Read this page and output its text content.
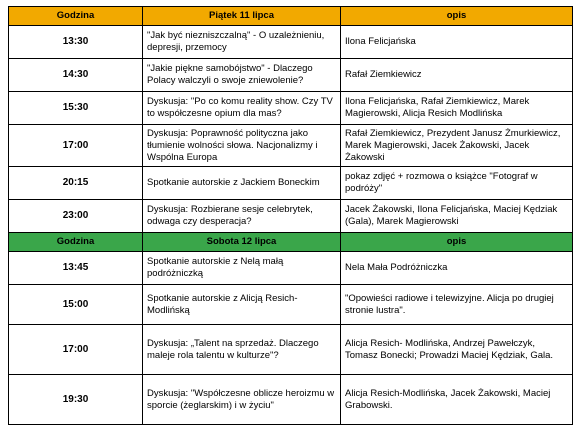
Godzina	Piątek 11 lipca	opis
13:30	"Jak być niezniszczalną" - O uzależnieniu, depresji, przemocy	Ilona Felicjańska
14:30	"Jakie piękne samobójstwo" - Dlaczego Polacy walczyli o swoje zniewolenie?	Rafał Ziemkiewicz
15:30	Dyskusja: "Po co komu reality show. Czy TV to współczesne opium dla mas?	Ilona Felicjańska, Rafał Ziemkiewicz, Marek Magierowski, Alicja Resich Modlińska
17:00	Dyskusja: Poprawność polityczna jako tłumienie wolności słowa. Nacjonalizmy i Wspólna Europa	Rafał Ziemkiewicz, Prezydent Janusz Żmurkiewicz, Marek Magierowski, Jacek Żakowski, Jacek Żakowski
20:15	Spotkanie autorskie z Jackiem Boneckim	pokaz zdjęć + rozmowa o książce "Fotograf w podróży"
23:00	Dyskusja: Rozbierane sesje celebrytek, odwaga czy desperacja?	Jacek Żakowski, Ilona Felicjańska, Maciej Kędziak (Gala), Marek Magierowski
Godzina	Sobota 12 lipca	opis
13:45	Spotkanie autorskie z Nelą małą podróżniczką	Nela Mała Podróżniczka
15:00	Spotkanie autorskie z Alicją Resich-Modlińską	"Opowieści radiowe i telewizyjne. Alicja po drugiej stronie lustra".
17:00	Dyskusja: „Talent na sprzedaż. Dlaczego maleje rola talentu w kulturze"?	Alicja Resich- Modlińska, Andrzej Pawełczyk, Tomasz Bonecki; Prowadzi Maciej Kędziak, Gala.
19:30	Dyskusja: "Współczesne oblicze heroizmu w sporcie (żeglarskim) i w życiu"	Alicja Resich-Modlińska, Jacek Żakowski, Maciej Grabowski.
